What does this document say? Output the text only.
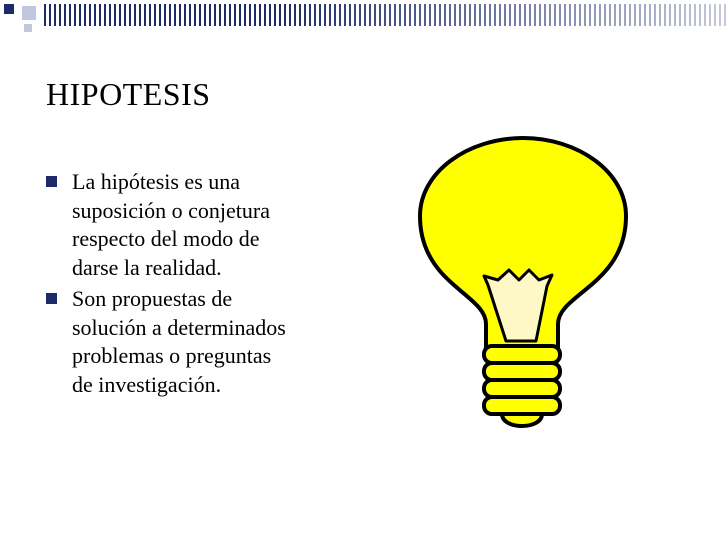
HIPOTESIS
La hipótesis es una
suposición o conjetura
respecto del modo de
darse la realidad.
Son propuestas de
solución a determinados
problemas o preguntas
de investigación.
